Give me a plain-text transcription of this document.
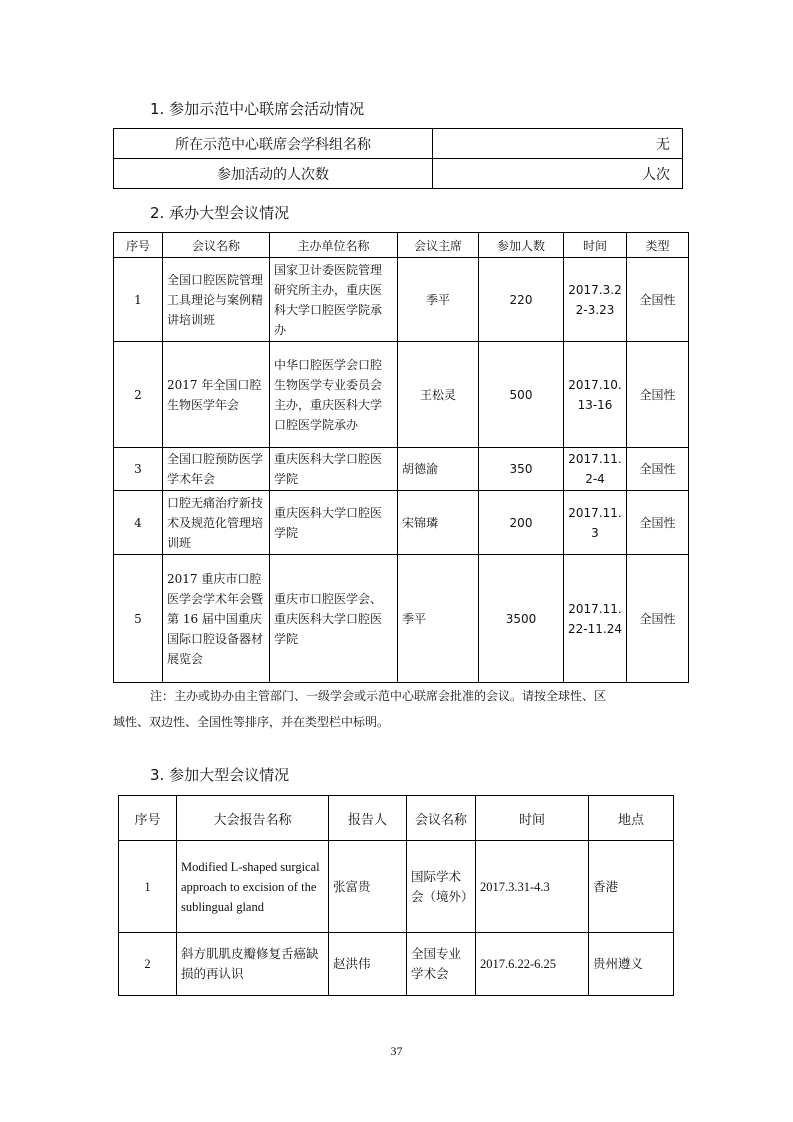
1. 参加示范中心联席会活动情况
所在示范中心联席会学科组名称	无
参加活动的人次数	人次
2. 承办大型会议情况
序号	会议名称	主办单位名称	会议主席	参加人数	时间	类型
1	全国口腔医院管理工具理论与案例精讲培训班	国家卫计委医院管理研究所主办，重庆医科大学口腔医学院承办	季平	220	2017.3.22-3.23	全国性
2	2017 年全国口腔生物医学年会	中华口腔医学会口腔生物医学专业委员会主办，重庆医科大学口腔医学院承办	王松灵	500	2017.10.13-16	全国性
3	全国口腔预防医学学术年会	重庆医科大学口腔医学院	胡德渝	350	2017.11.2-4	全国性
4	口腔无痛治疗新技术及规范化管理培训班	重庆医科大学口腔医学院	宋锦璘	200	2017.11.3	全国性
5	2017 重庆市口腔医学会学术年会暨第 16 届中国重庆国际口腔设备器材展览会	重庆市口腔医学会、重庆医科大学口腔医学院	季平	3500	2017.11.22-11.24	全国性
注：主办或协办由主管部门、一级学会或示范中心联席会批准的会议。请按全球性、区
域性、双边性、全国性等排序，并在类型栏中标明。
3. 参加大型会议情况
序号	大会报告名称	报告人	会议名称	时间	地点
1	Modified L-shaped surgical approach to excision of the sublingual gland	张富贵	国际学术会（境外）	2017.3.31-4.3	香港
2	斜方肌肌皮瓣修复舌癌缺损的再认识	赵洪伟	全国专业学术会	2017.6.22-6.25	贵州遵义
37
